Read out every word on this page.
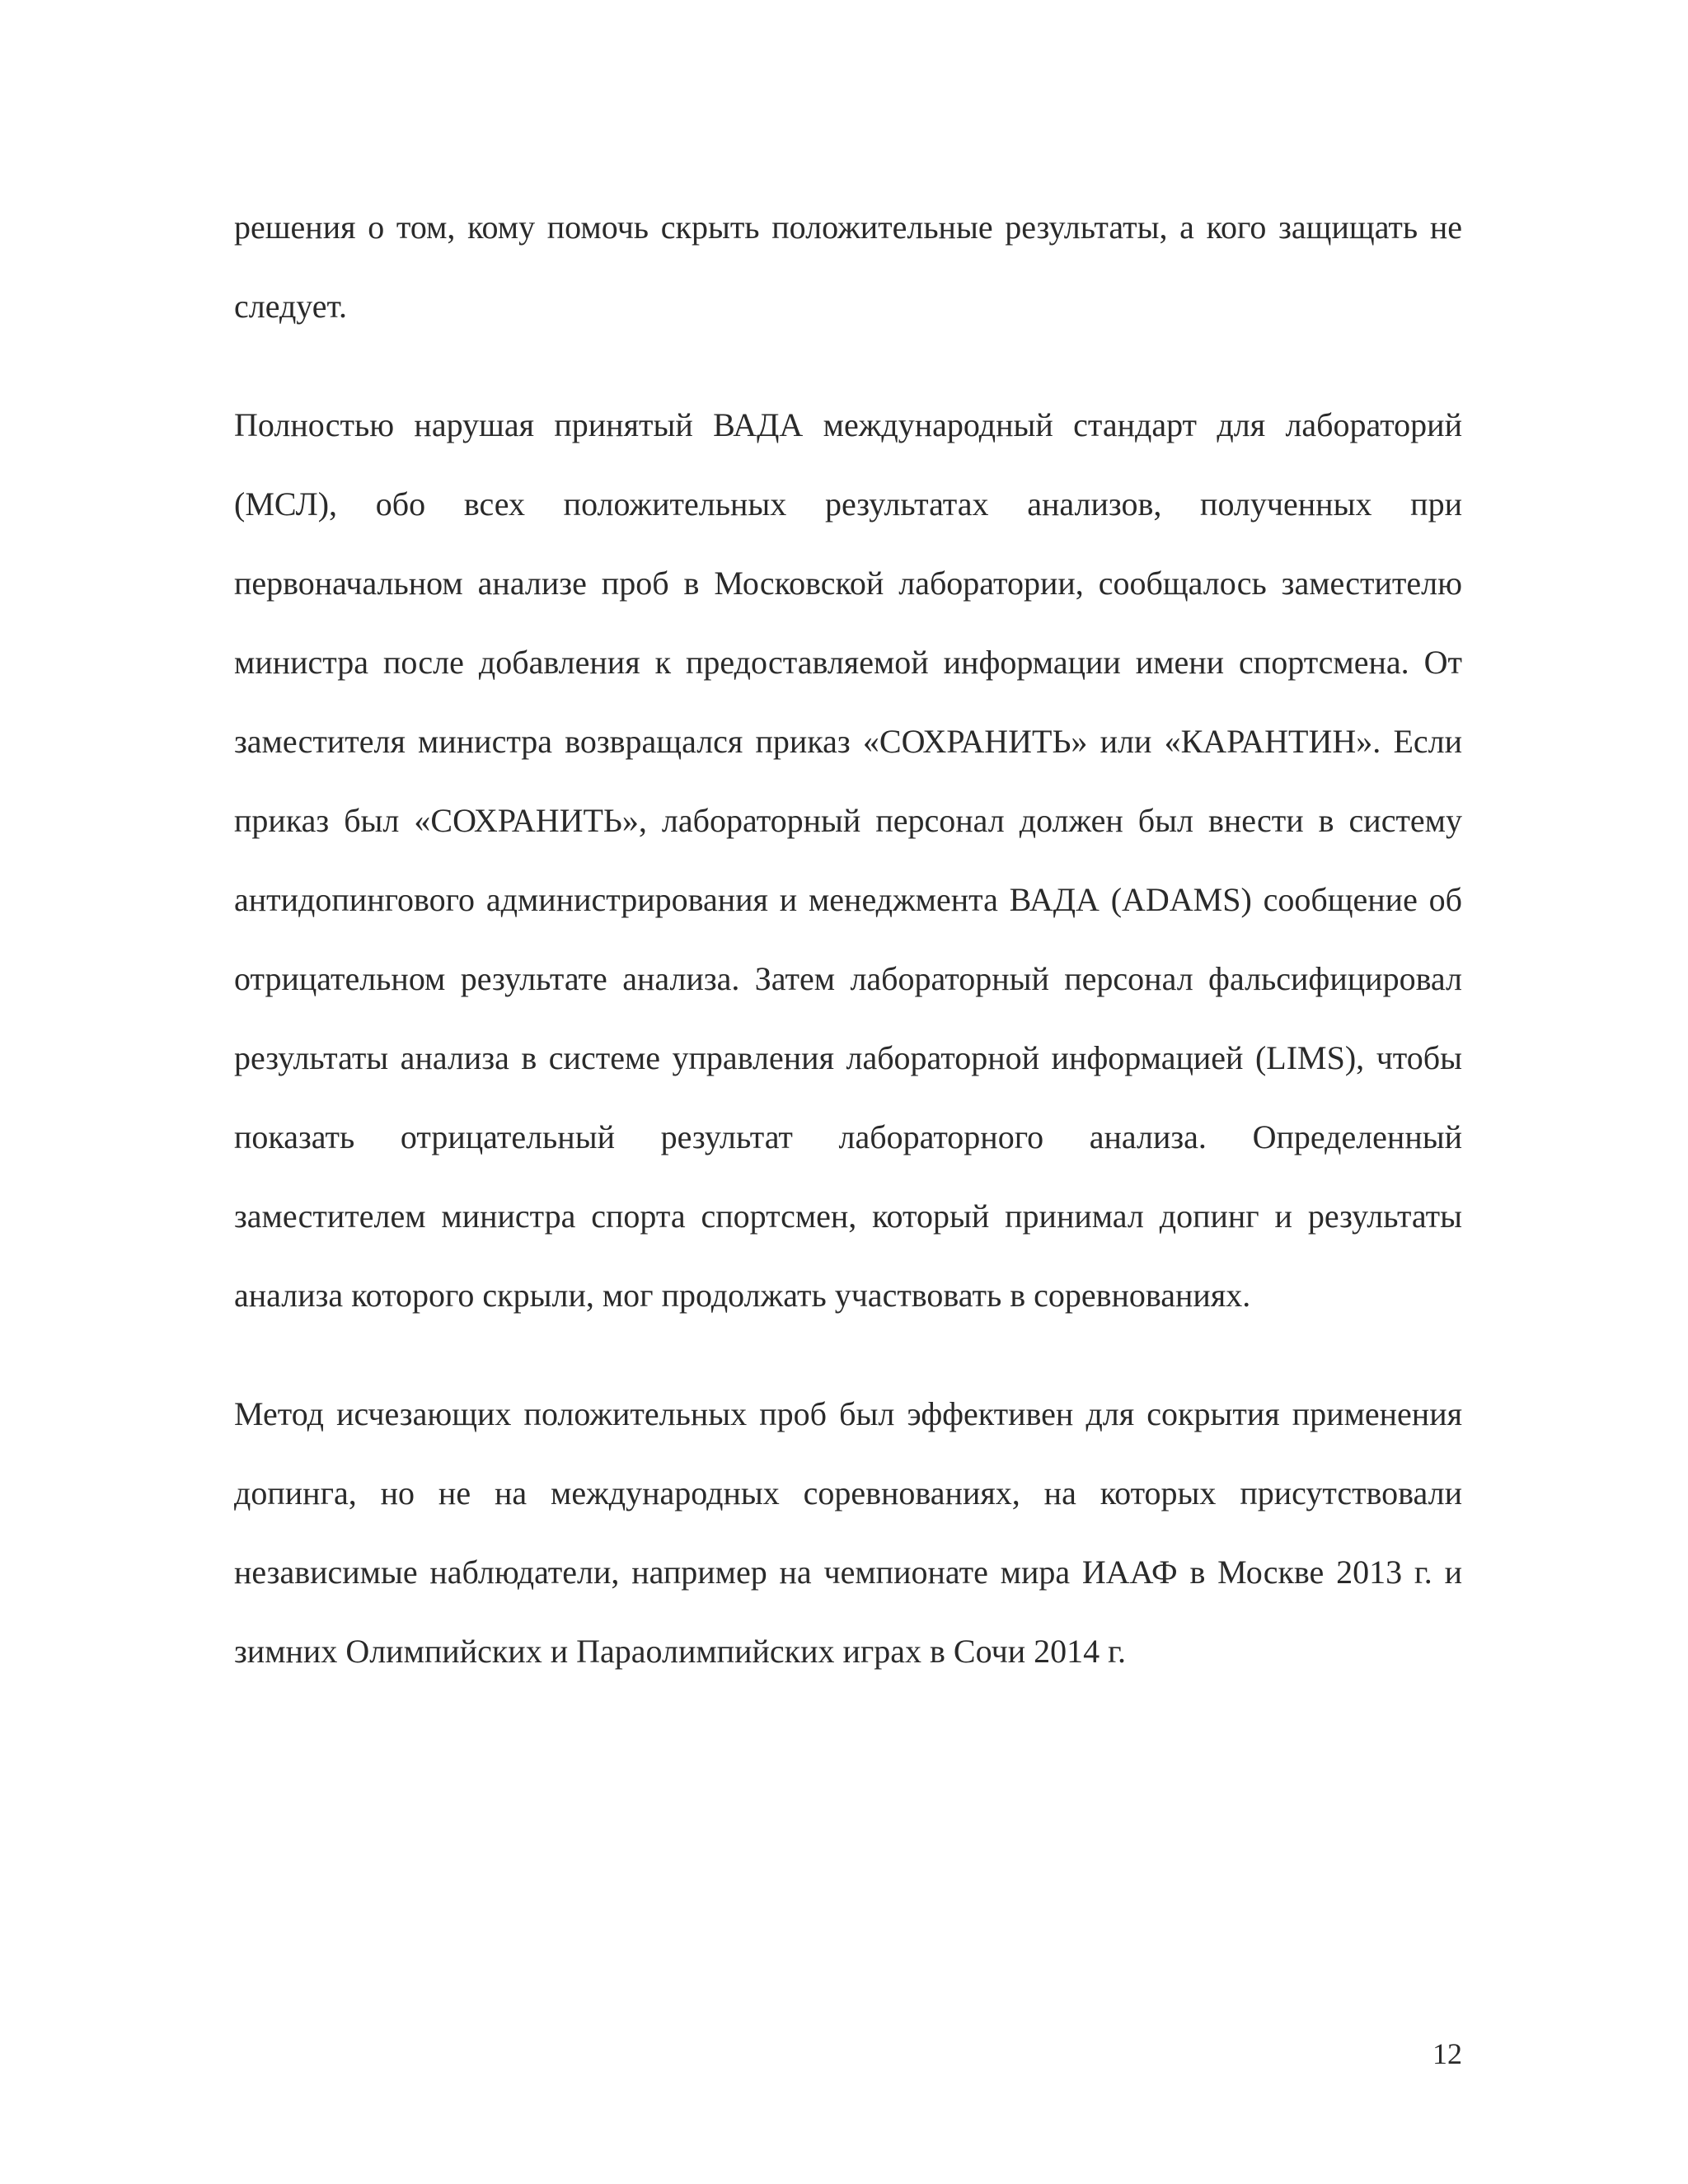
решения о том, кому помочь скрыть положительные результаты, а кого защищать не следует.

Полностью нарушая принятый ВАДА международный стандарт для лабораторий (МСЛ), обо всех положительных результатах анализов, полученных при первоначальном анализе проб в Московской лаборатории, сообщалось заместителю министра после добавления к предоставляемой информации имени спортсмена. От заместителя министра возвращался приказ «СОХРАНИТЬ» или «КАРАНТИН». Если приказ был «СОХРАНИТЬ», лабораторный персонал должен был внести в систему антидопингового администрирования и менеджмента ВАДА (ADAMS) сообщение об отрицательном результате анализа. Затем лабораторный персонал фальсифицировал результаты анализа в системе управления лабораторной информацией (LIMS), чтобы показать отрицательный результат лабораторного анализа. Определенный заместителем министра спорта спортсмен, который принимал допинг и результаты анализа которого скрыли, мог продолжать участвовать в соревнованиях.

Метод исчезающих положительных проб был эффективен для сокрытия применения допинга, но не на международных соревнованиях, на которых присутствовали независимые наблюдатели, например на чемпионате мира ИААФ в Москве 2013 г. и зимних Олимпийских и Параолимпийских играх в Сочи 2014 г.

12
